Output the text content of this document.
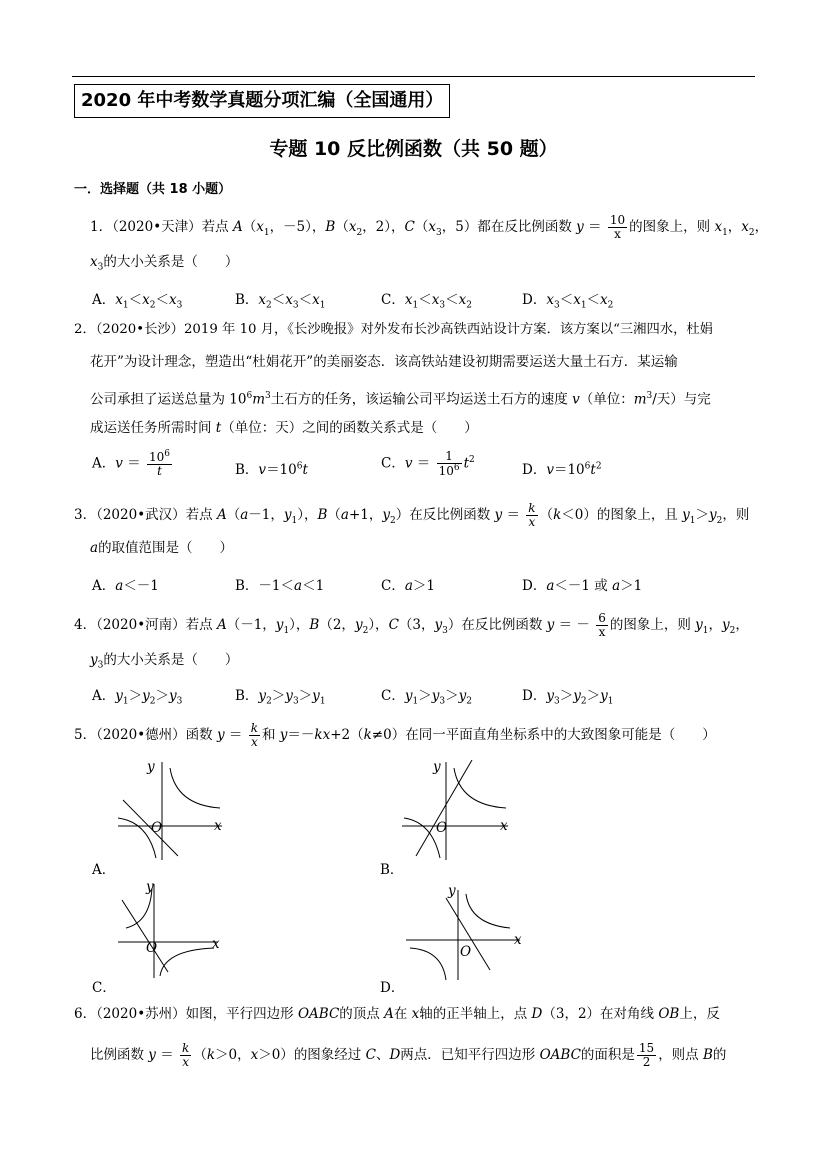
2020 年中考数学真题分项汇编（全国通用）
专题 10 反比例函数（共 50 题）
一．选择题（共 18 小题）
1．（2020•天津）若点 $A(x_1$，－5），$B(x_2$，2），$C(x_3$，5）都在反比例函数 $y = \frac{10}{x}$ 的图象上，则 $x_1$，$x_2$，
$x_3$的大小关系是（　　）
A．$x_1<x_2<x_3$	B．$x_2<x_3<x_1$	C．$x_1<x_3<x_2$	D．$x_3<x_1<x_2$
2．（2020•长沙）2019 年 10 月，《长沙晚报》对外发布长沙高铁西站设计方案．该方案以“三湘四水，杜娟
花开”为设计理念，塑造出“杜娟花开”的美丽姿态．该高铁站建设初期需要运送大量土石方．某运输
公司承担了运送总量为 $10^6m^3$土石方的任务，该运输公司平均运送土石方的速度 v（单位：$m^3/$天）与完
成运送任务所需时间 t（单位：天）之间的函数关系式是（　　）
A．$v = \frac{10^6}{t}$	B．$v=10^6t$	C．$v = \frac{1}{10^6} t^2$
D．$v=10^6t^2$
3．（2020•武汉）若点 A（a－1，$y_1$），B（a+1，$y_2$）在反比例函数 $y = \frac{k}{x} (k<0)$的图象上，且 $y_1>y_2$，则
a的取值范围是（　　）
A．a＜－1	B．－1＜a＜1	C．a＞1	D．a＜－1 或 a＞1
4．（2020•河南）若点 A（－1，$y_1$），B（2，$y_2$），C（3，$y_3$）在反比例函数 y ＝ － $\frac{6}{x}$ 的图象上，则 $y_1$，$y_2$，
$y_3$的大小关系是（　　）
A．$y_1>y_2>y_3$	B．$y_2>y_3>y_1$	C．$y_1>y_3>y_2$	D．$y_3>y_2>y_1$
5．（2020•德州）函数 $y = \frac{k}{x}$ 和 y＝－kx+2（k≠0）在同一平面直角坐标系中的大致图象可能是（　　）
y
x
O
A．
y
x
O
B．
y
x
O
C．
y
x
O
D．
6．（2020•苏州）如图，平行四边形 OABC的顶点 A在 x轴的正半轴上，点 D（3，2）在对角线 OB上，反
比例函数 $y = \frac{k}{x} (k>0$，x＞0）的图象经过 C、D两点．已知平行四边形 OABC的面积是 $\frac{15}{2}$ ，则点 B的
